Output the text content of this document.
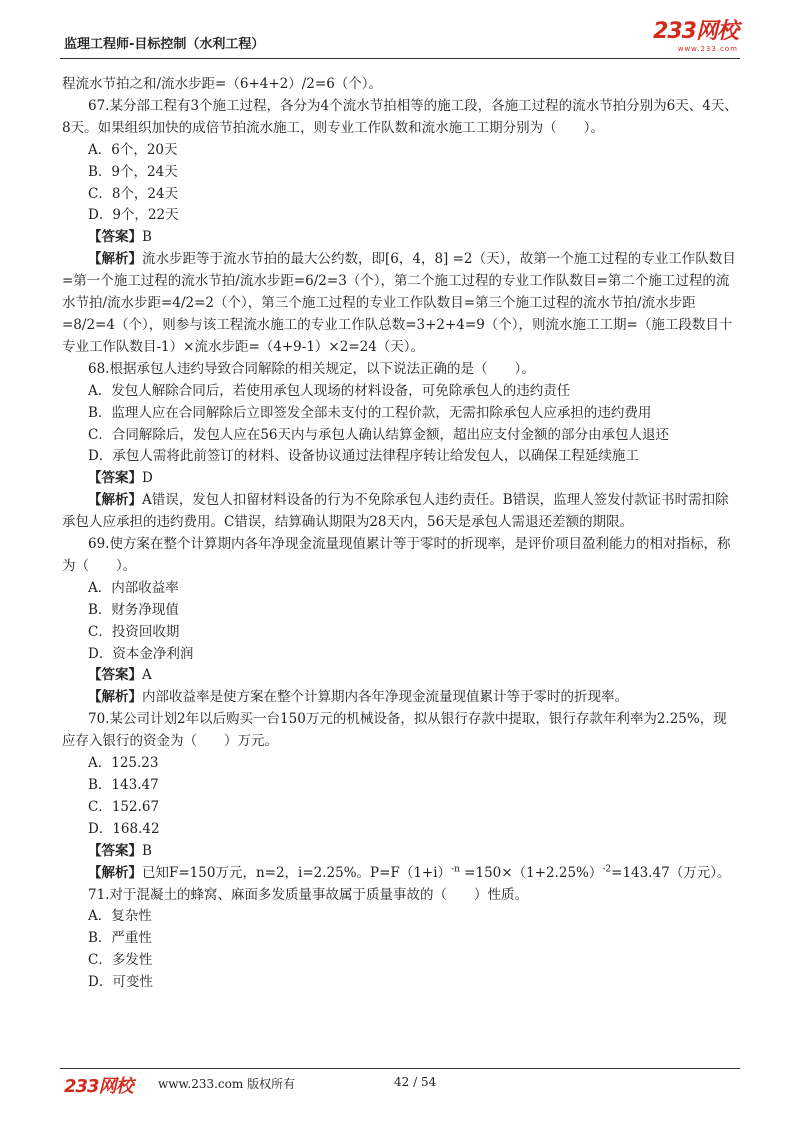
监理工程师-目标控制（水利工程）
233网校
www.233.com

程流水节拍之和/流水步距=（6+4+2）/2=6（个）。

67.某分部工程有3个施工过程，各分为4个流水节拍相等的施工段，各施工过程的流水节拍分别为6天、4天、8天。如果组织加快的成倍节拍流水施工，则专业工作队数和流水施工工期分别为（　　）。

A．6个，20天

B．9个，24天

C．8个，24天

D．9个，22天

【答案】B

【解析】流水步距等于流水节拍的最大公约数，即[6，4，8] =2（天），故第一个施工过程的专业工作队数目=第一个施工过程的流水节拍/流水步距=6/2=3（个），第二个施工过程的专业工作队数目=第二个施工过程的流水节拍/流水步距=4/2=2（个），第三个施工过程的专业工作队数目=第三个施工过程的流水节拍/流水步距=8/2=4（个），则参与该工程流水施工的专业工作队总数=3+2+4=9（个），则流水施工工期=（施工段数目十专业工作队数目-1）×流水步距=（4+9-1）×2=24（天）。

68.根据承包人违约导致合同解除的相关规定，以下说法正确的是（　　）。

A．发包人解除合同后，若使用承包人现场的材料设备，可免除承包人的违约责任

B．监理人应在合同解除后立即签发全部未支付的工程价款，无需扣除承包人应承担的违约费用

C．合同解除后，发包人应在56天内与承包人确认结算金额，超出应支付金额的部分由承包人退还

D．承包人需将此前签订的材料、设备协议通过法律程序转让给发包人，以确保工程延续施工

【答案】D

【解析】A错误，发包人扣留材料设备的行为不免除承包人违约责任。B错误，监理人签发付款证书时需扣除承包人应承担的违约费用。C错误，结算确认期限为28天内，56天是承包人需退还差额的期限。

69.使方案在整个计算期内各年净现金流量现值累计等于零时的折现率，是评价项目盈利能力的相对指标，称为（　　）。

A．内部收益率

B．财务净现值

C．投资回收期

D．资本金净利润

【答案】A

【解析】内部收益率是使方案在整个计算期内各年净现金流量现值累计等于零时的折现率。

70.某公司计划2年以后购买一台150万元的机械设备，拟从银行存款中提取，银行存款年利率为2.25%，现应存入银行的资金为（　　）万元。

A．125.23

B．143.47

C．152.67

D．168.42

【答案】B

【解析】已知F=150万元，n=2，i=2.25%。$P=F(1+i)^{-n} =150\times(1+2.25\%)^{-2}=143.47$（万元）。

71.对于混凝土的蜂窝、麻面多发质量事故属于质量事故的（　　）性质。

A．复杂性

B．严重性

C．多发性

D．可变性

233网校 www.233.com 版权所有	42 / 54
